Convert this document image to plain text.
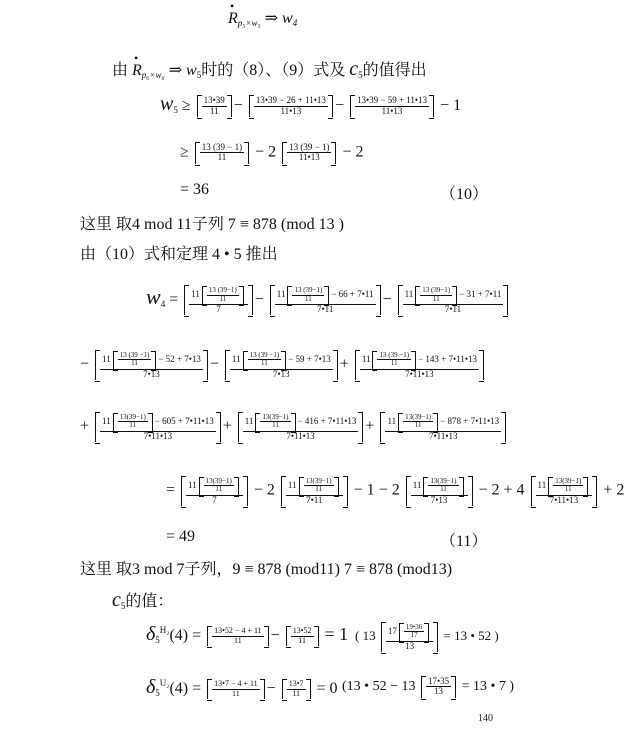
• $R_{p_5\times w_5}$ ⇒ $w_4$
由 • $R_{p_6\times w_6}$ ⇒ $w_5$时的（8）、（9）式及 $c_5$的值得出
$w_5 \ge \frac{13•39}{11} - \frac{13•39 - 26 + 11•13}{11•13} - \frac{13•39 - 59 + 11•13}{11•13} - 1$
≥ $\frac{13 (39 - 1)}{11} - 2 \frac{13 (39 - 1)}{11•13} - 2$
= 36	（10）
这里 取4 mod 11子列 7 ≡ 878 (mod 13 )
由（10）式和定理 4 • 5 推出
$w_4 = \frac{11 \frac{13 (39-1)}{11}}{7} - \frac{11 \frac{13 (39-1)}{11} - 66 + 7•11}{7•11} - \frac{11 \frac{13 (39-1)}{11} - 31 + 7•11}{7•11}$
− $\frac{11 \frac{13 (39 -1)}{11} - 52 + 7•13}{7•13} - \frac{11 \frac{13 (39 -1)}{11} - 59 + 7•13}{7•13} + \frac{11 \frac{13 (39 -1)}{11} - 143 + 7•11•13}{7•11•13}$
+ $\frac{11 \frac{13(39-1)}{11} - 605 + 7•11•13}{7•11•13} + \frac{11 \frac{13(39-1)}{11} - 416 + 7•11•13}{7•11•13} + \frac{11 \frac{13(39-1)}{11} - 878 + 7•11•13}{7•11•13}$
= $\frac{11 \frac{13(39-1)}{11}}{7} - 2 \frac{11 \frac{13(39-1)}{11}}{7•11} - 1 - 2 \frac{11 \frac{13(39-1)}{11}}{7•13} - 2 + 4 \frac{11 \frac{13(39-1)}{11}}{7•11•13} + 2$
= 49	（11）
这里 取3 mod 7子列，9 ≡ 878 (mod11) 7 ≡ 878 (mod13)
$c_5$的值：
$\delta_5^{H_2}(4) = \frac{13•52 - 4 + 11}{11} - \frac{13•52}{11} = 1$ ( $13 \frac{17 \frac{19•36}{17}}{13} = 13$ • 52 )
$\delta_5^{U_2}(4) = \frac{13•7 - 4 + 11}{11} - \frac{13•7}{11} = 0$ (13 • $52 - 13 \frac{17•35}{13} = 13$ • 7 )
140
